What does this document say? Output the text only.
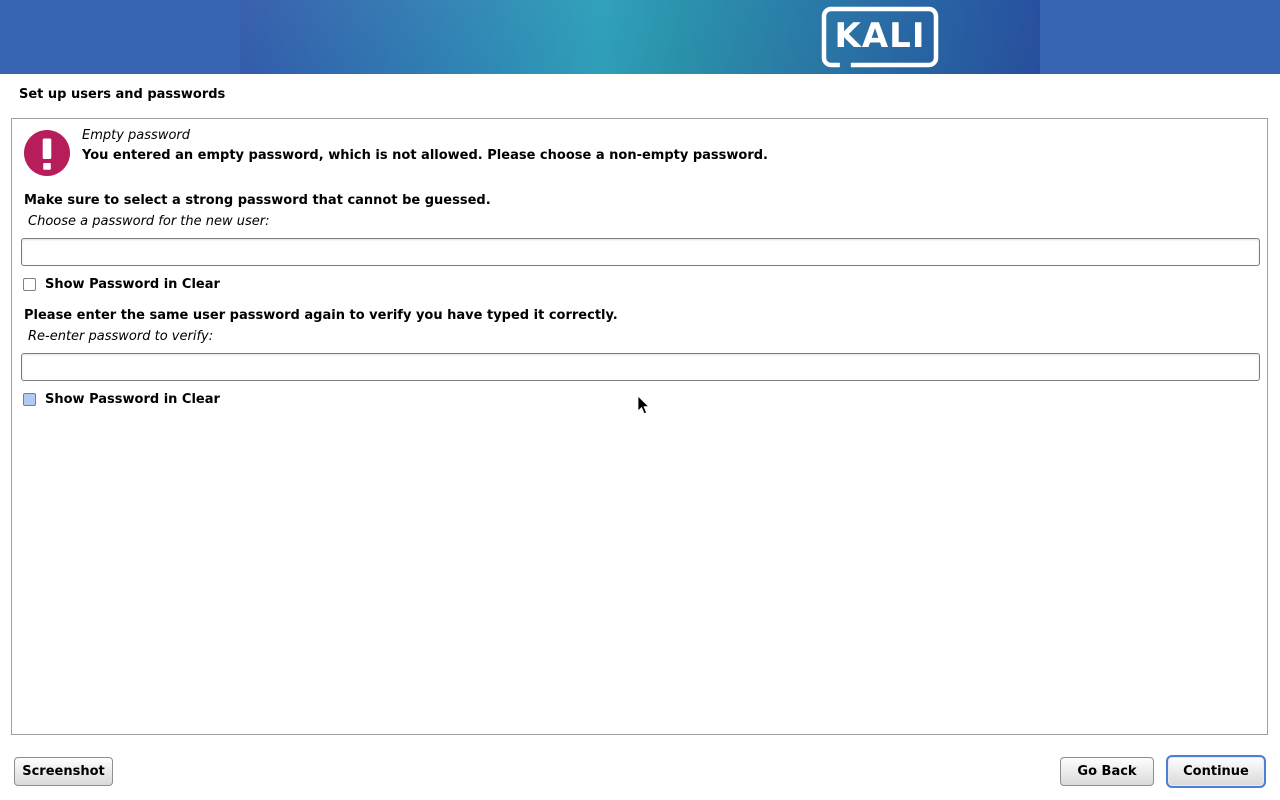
KALI
Set up users and passwords
Empty password
You entered an empty password, which is not allowed. Please choose a non-empty password.

Make sure to select a strong password that cannot be guessed.

Choose a password for the new user:

Show Password in Clear

Please enter the same user password again to verify you have typed it correctly.

Re-enter password to verify:

Show Password in Clear
Screenshot	Go Back	Continue
